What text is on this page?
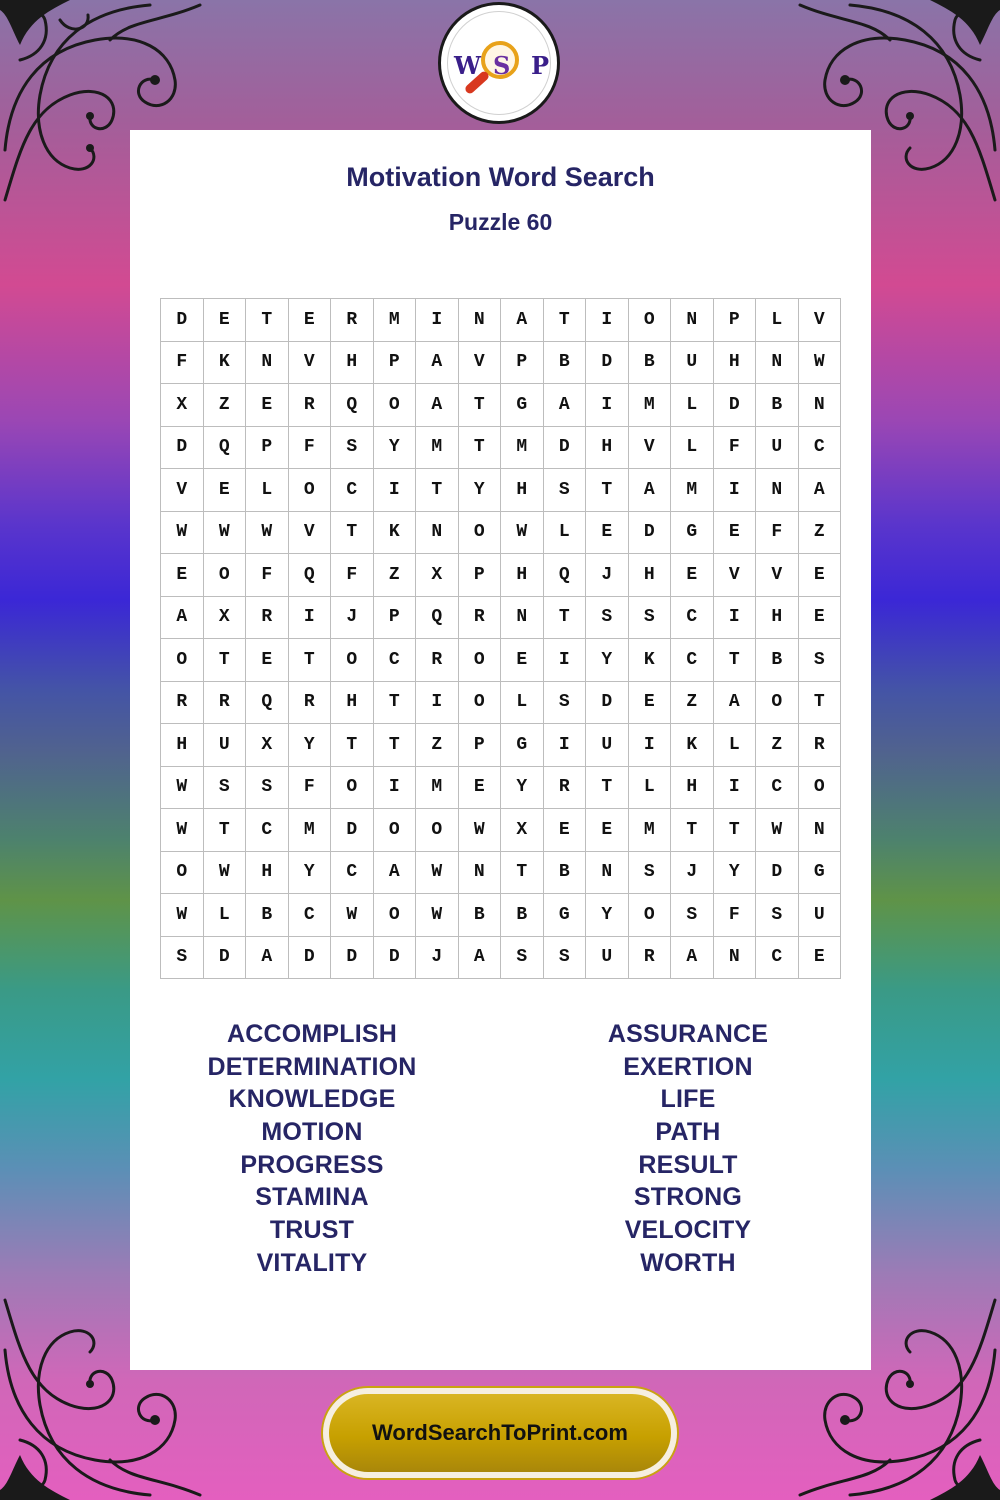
W S P
Motivation Word Search
Puzzle 60
D	E	T	E	R	M	I	N	A	T	I	O	N	P	L	V
F	K	N	V	H	P	A	V	P	B	D	B	U	H	N	W
X	Z	E	R	Q	O	A	T	G	A	I	M	L	D	B	N
D	Q	P	F	S	Y	M	T	M	D	H	V	L	F	U	C
V	E	L	O	C	I	T	Y	H	S	T	A	M	I	N	A
W	W	W	V	T	K	N	O	W	L	E	D	G	E	F	Z
E	O	F	Q	F	Z	X	P	H	Q	J	H	E	V	V	E
A	X	R	I	J	P	Q	R	N	T	S	S	C	I	H	E
O	T	E	T	O	C	R	O	E	I	Y	K	C	T	B	S
R	R	Q	R	H	T	I	O	L	S	D	E	Z	A	O	T
H	U	X	Y	T	T	Z	P	G	I	U	I	K	L	Z	R
W	S	S	F	O	I	M	E	Y	R	T	L	H	I	C	O
W	T	C	M	D	O	O	W	X	E	E	M	T	T	W	N
O	W	H	Y	C	A	W	N	T	B	N	S	J	Y	D	G
W	L	B	C	W	O	W	B	B	G	Y	O	S	F	S	U
S	D	A	D	D	D	J	A	S	S	U	R	A	N	C	E
ACCOMPLISH
DETERMINATION
KNOWLEDGE
MOTION
PROGRESS
STAMINA
TRUST
VITALITY
ASSURANCE
EXERTION
LIFE
PATH
RESULT
STRONG
VELOCITY
WORTH
WordSearchToPrint.com
